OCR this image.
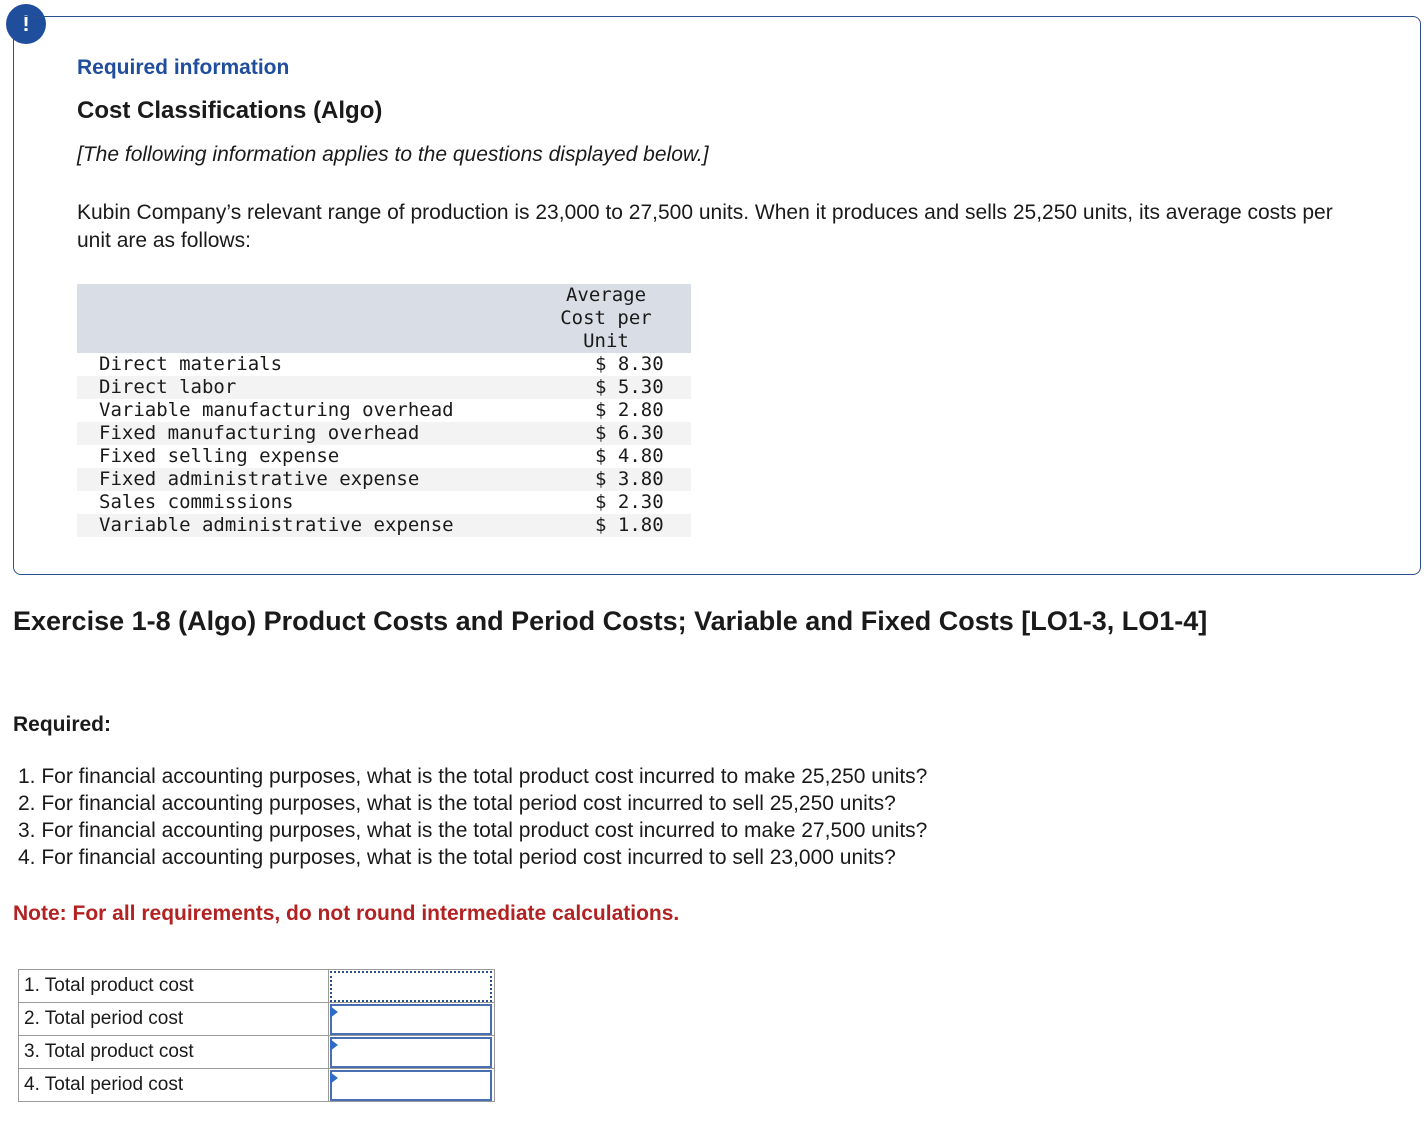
!
Required information
Cost Classifications (Algo)
[The following information applies to the questions displayed below.]
Kubin Company’s relevant range of production is 23,000 to 27,500 units. When it produces and sells 25,250 units, its average costs per unit are as follows:
Average
Cost per
Unit
Direct materials	$ 8.30
Direct labor	$ 5.30
Variable manufacturing overhead	$ 2.80
Fixed manufacturing overhead	$ 6.30
Fixed selling expense	$ 4.80
Fixed administrative expense	$ 3.80
Sales commissions	$ 2.30
Variable administrative expense	$ 1.80
Exercise 1-8 (Algo) Product Costs and Period Costs; Variable and Fixed Costs [LO1-3, LO1-4]
Required:
1. For financial accounting purposes, what is the total product cost incurred to make 25,250 units?
2. For financial accounting purposes, what is the total period cost incurred to sell 25,250 units?
3. For financial accounting purposes, what is the total product cost incurred to make 27,500 units?
4. For financial accounting purposes, what is the total period cost incurred to sell 23,000 units?
Note: For all requirements, do not round intermediate calculations.
1. Total product cost	

2. Total period cost	

3. Total product cost	

4. Total period cost	
